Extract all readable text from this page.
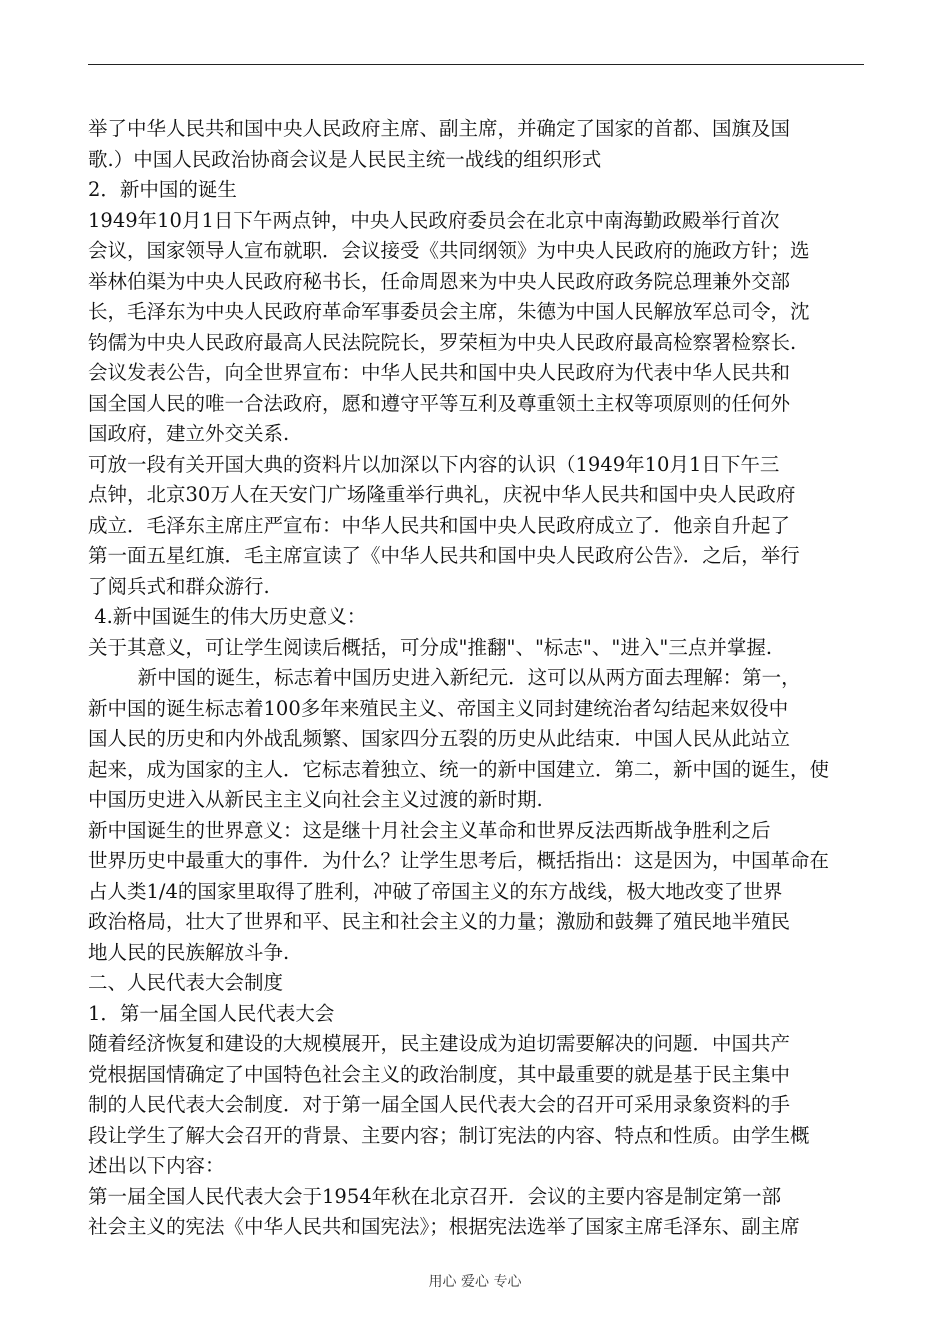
举了中华人民共和国中央人民政府主席、副主席，并确定了国家的首都、国旗及国
歌.）中国人民政治协商会议是人民民主统一战线的组织形式
2．新中国的诞生
1949年10月1日下午两点钟，中央人民政府委员会在北京中南海勤政殿举行首次
会议，国家领导人宣布就职．会议接受《共同纲领》为中央人民政府的施政方针；选
举林伯渠为中央人民政府秘书长，任命周恩来为中央人民政府政务院总理兼外交部
长，毛泽东为中央人民政府革命军事委员会主席，朱德为中国人民解放军总司令，沈
钧儒为中央人民政府最高人民法院院长，罗荣桓为中央人民政府最高检察署检察长.
会议发表公告，向全世界宣布：中华人民共和国中央人民政府为代表中华人民共和
国全国人民的唯一合法政府，愿和遵守平等互利及尊重领土主权等项原则的任何外
国政府，建立外交关系.
可放一段有关开国大典的资料片以加深以下内容的认识（1949年10月1日下午三
点钟，北京30万人在天安门广场隆重举行典礼，庆祝中华人民共和国中央人民政府
成立．毛泽东主席庄严宣布：中华人民共和国中央人民政府成立了．他亲自升起了
第一面五星红旗．毛主席宣读了《中华人民共和国中央人民政府公告》．之后，举行
了阅兵式和群众游行.
4.新中国诞生的伟大历史意义：
关于其意义，可让学生阅读后概括，可分成"推翻"、"标志"、"进入"三点并掌握.
新中国的诞生，标志着中国历史进入新纪元．这可以从两方面去理解：第一，
新中国的诞生标志着100多年来殖民主义、帝国主义同封建统治者勾结起来奴役中
国人民的历史和内外战乱频繁、国家四分五裂的历史从此结束．中国人民从此站立
起来，成为国家的主人．它标志着独立、统一的新中国建立．第二，新中国的诞生，使
中国历史进入从新民主主义向社会主义过渡的新时期.
新中国诞生的世界意义：这是继十月社会主义革命和世界反法西斯战争胜利之后
世界历史中最重大的事件．为什么？让学生思考后，概括指出：这是因为，中国革命在
占人类1/4的国家里取得了胜利，冲破了帝国主义的东方战线，极大地改变了世界
政治格局，壮大了世界和平、民主和社会主义的力量；激励和鼓舞了殖民地半殖民
地人民的民族解放斗争.
二、人民代表大会制度
1．第一届全国人民代表大会
随着经济恢复和建设的大规模展开，民主建设成为迫切需要解决的问题．中国共产
党根据国情确定了中国特色社会主义的政治制度，其中最重要的就是基于民主集中
制的人民代表大会制度．对于第一届全国人民代表大会的召开可采用录象资料的手
段让学生了解大会召开的背景、主要内容；制订宪法的内容、特点和性质。由学生概
述出以下内容：
第一届全国人民代表大会于1954年秋在北京召开．会议的主要内容是制定第一部
社会主义的宪法《中华人民共和国宪法》；根据宪法选举了国家主席毛泽东、副主席
用心 爱心 专心
